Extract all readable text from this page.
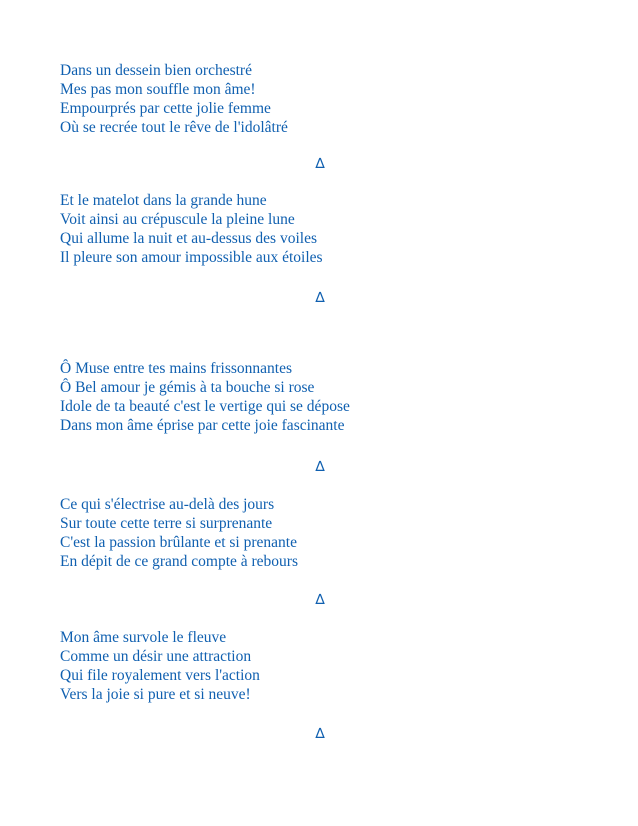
Dans un dessein bien orchestré
Mes pas mon souffle mon âme!
Empourprés par cette jolie femme
Où se recrée tout le rêve de l'idolâtré
∆
Et le matelot dans la grande hune
Voit ainsi au crépuscule la pleine lune
Qui allume la nuit et au-dessus des voiles
Il pleure son amour impossible aux étoiles
∆
Ô Muse entre tes mains frissonnantes
Ô Bel amour je gémis à ta bouche si rose
Idole de ta beauté c'est le vertige qui se dépose
Dans mon âme éprise par cette joie fascinante
∆
Ce qui s'électrise au-delà des jours
Sur toute cette terre si surprenante
C'est la passion brûlante et si prenante
En dépit de ce grand compte à rebours
∆
Mon âme survole le fleuve
Comme un désir une attraction
Qui file royalement vers l'action
Vers la joie si pure et si neuve!
∆
